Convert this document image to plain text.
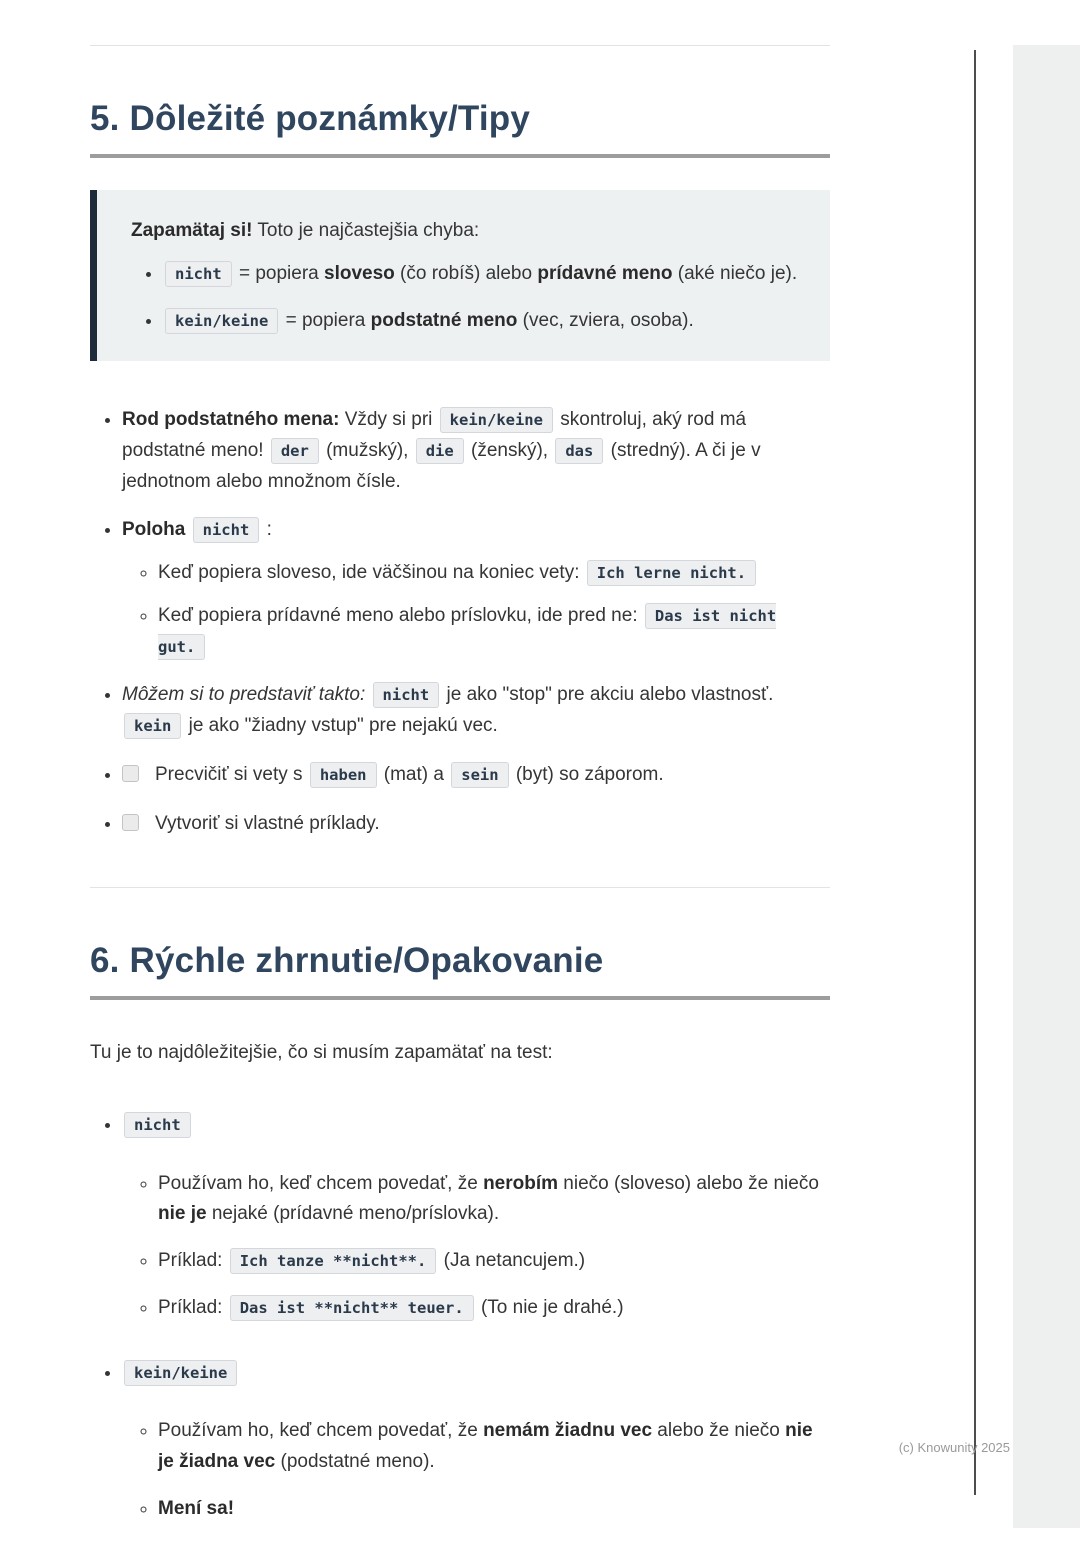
5. Dôležité poznámky/Tipy

Zapamätaj si! Toto je najčastejšia chyba:

• nicht = popiera sloveso (čo robíš) alebo prídavné meno (aké niečo je).
• kein/keine = popiera podstatné meno (vec, zviera, osoba).
• Rod podstatného mena: Vždy si pri kein/keine skontroluj, aký rod má podstatné meno! der (mužský), die (ženský), das (stredný). A či je v jednotnom alebo množnom čísle.
• Poloha nicht :
◦ Keď popiera sloveso, ide väčšinou na koniec vety: Ich lerne nicht.
◦ Keď popiera prídavné meno alebo príslovku, ide pred ne: Das ist nicht gut.
• Môžem si to predstaviť takto: nicht je ako "stop" pre akciu alebo vlastnosť. kein je ako "žiadny vstup" pre nejakú vec.
• Precvičiť si vety s haben (mat) a sein (byt) so záporom.
• Vytvoriť si vlastné príklady.
6. Rýchle zhrnutie/Opakovanie

Tu je to najdôležitejšie, čo si musím zapamätať na test:

• nicht
◦ Používam ho, keď chcem povedať, že nerobím niečo (sloveso) alebo že niečo nie je nejaké (prídavné meno/príslovka).
◦ Príklad: Ich tanze **nicht**. (Ja netancujem.)
◦ Príklad: Das ist **nicht** teuer. (To nie je drahé.)
• kein/keine
◦ Používam ho, keď chcem povedať, že nemám žiadnu vec alebo že niečo nie je žiadna vec (podstatné meno).
◦ Mení sa!
(c) Knowunity 2025
